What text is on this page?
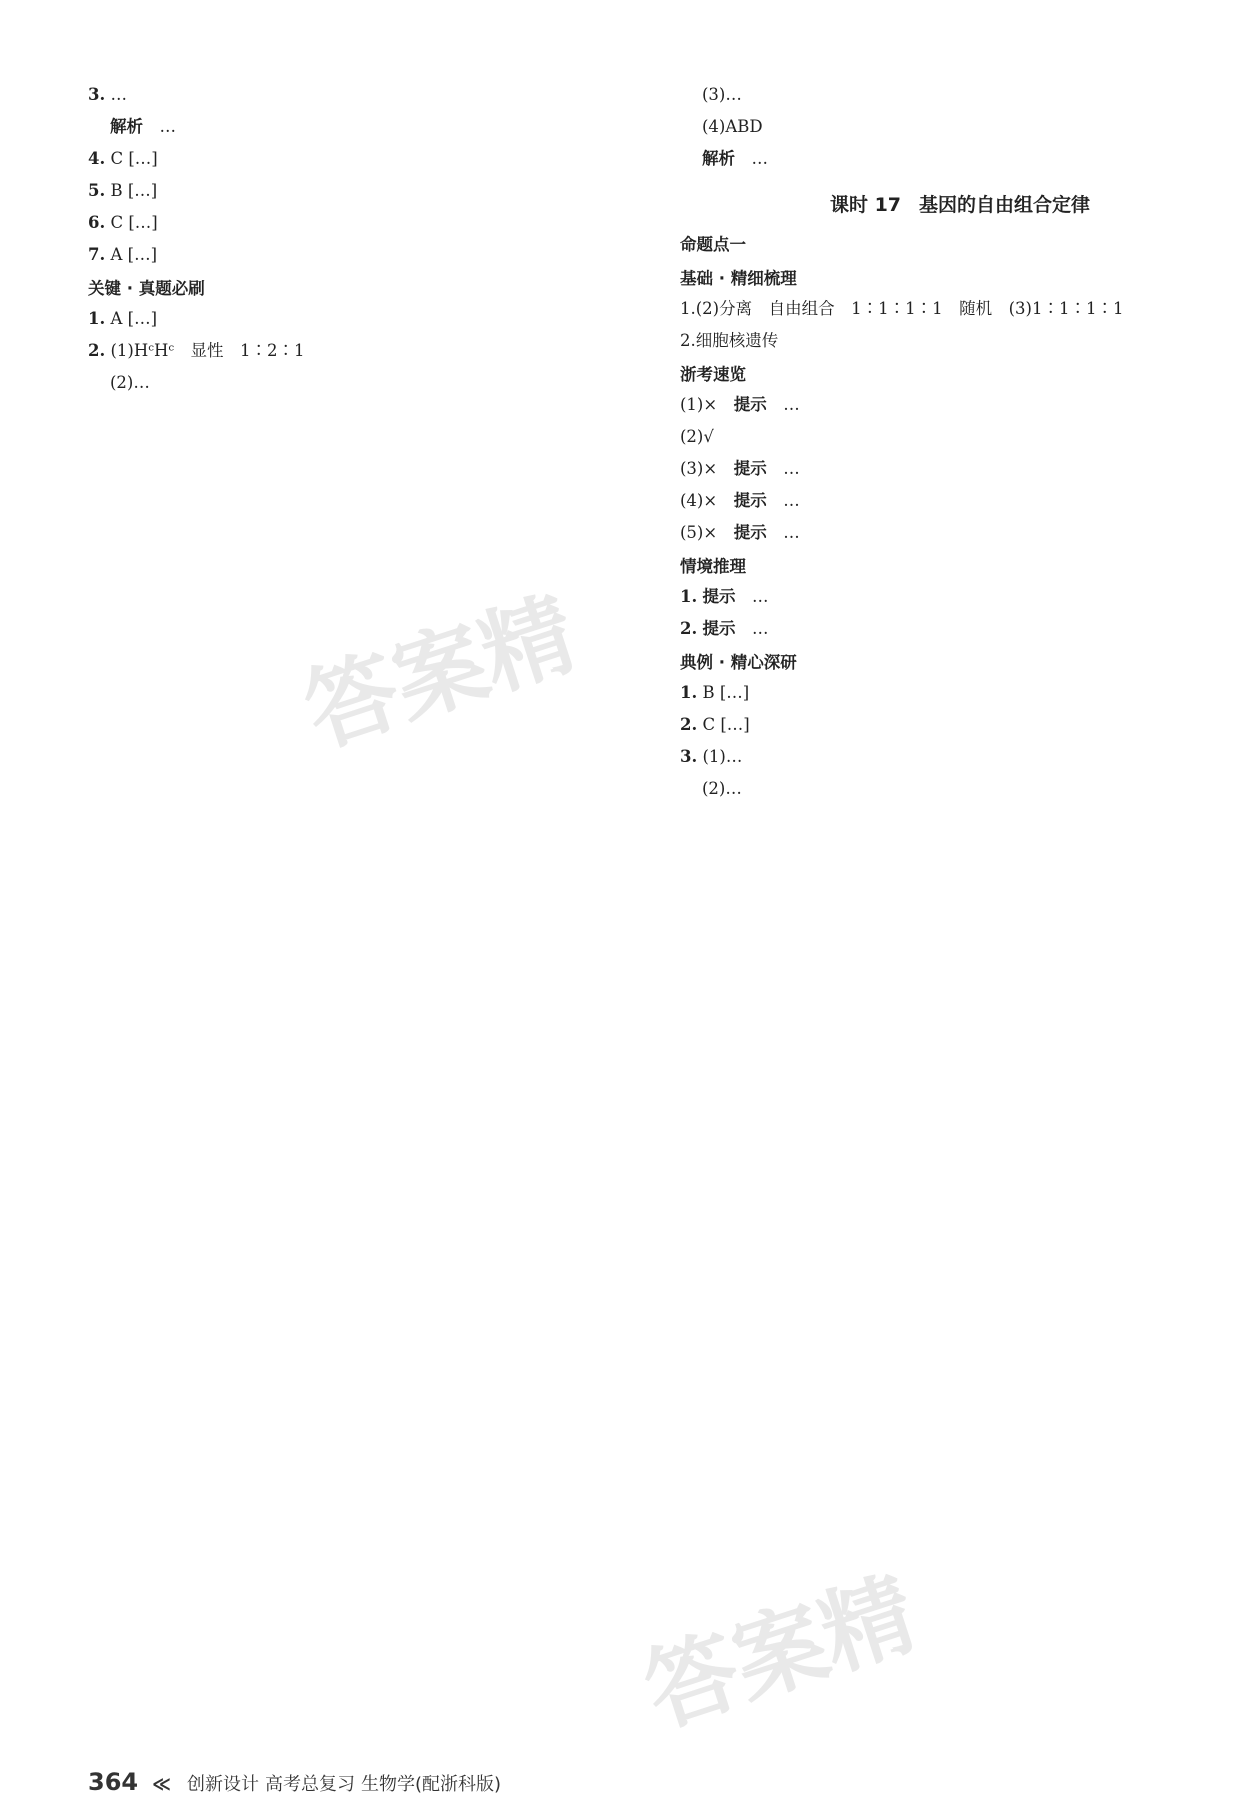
答案精
答案精
3. …
解析　 …
4. C […]
5. B […]
6. C […]
7. A […]
关键 · 真题必刷
1. A […]
2. (1)HᶜHᶜ　显性　1∶2∶1
(2)…
(3)…
(4)ABD
解析　 …
课时 17 基因的自由组合定律
命题点一
基础 · 精细梳理
1.(2)分离　自由组合　1∶1∶1∶1　随机　(3)1∶1∶1∶1
2.细胞核遗传
浙考速览
(1)×　 提示　 …
(2)√
(3)×　 提示　 …
(4)×　 提示　 …
(5)×　 提示　 …
情境推理
1. 提示　 …
2. 提示　 …
典例 · 精心深研
1. B […]
2. C […]
3. (1)…
(2)…
364 ≪ 创新设计 高考总复习 生物学(配浙科版)
